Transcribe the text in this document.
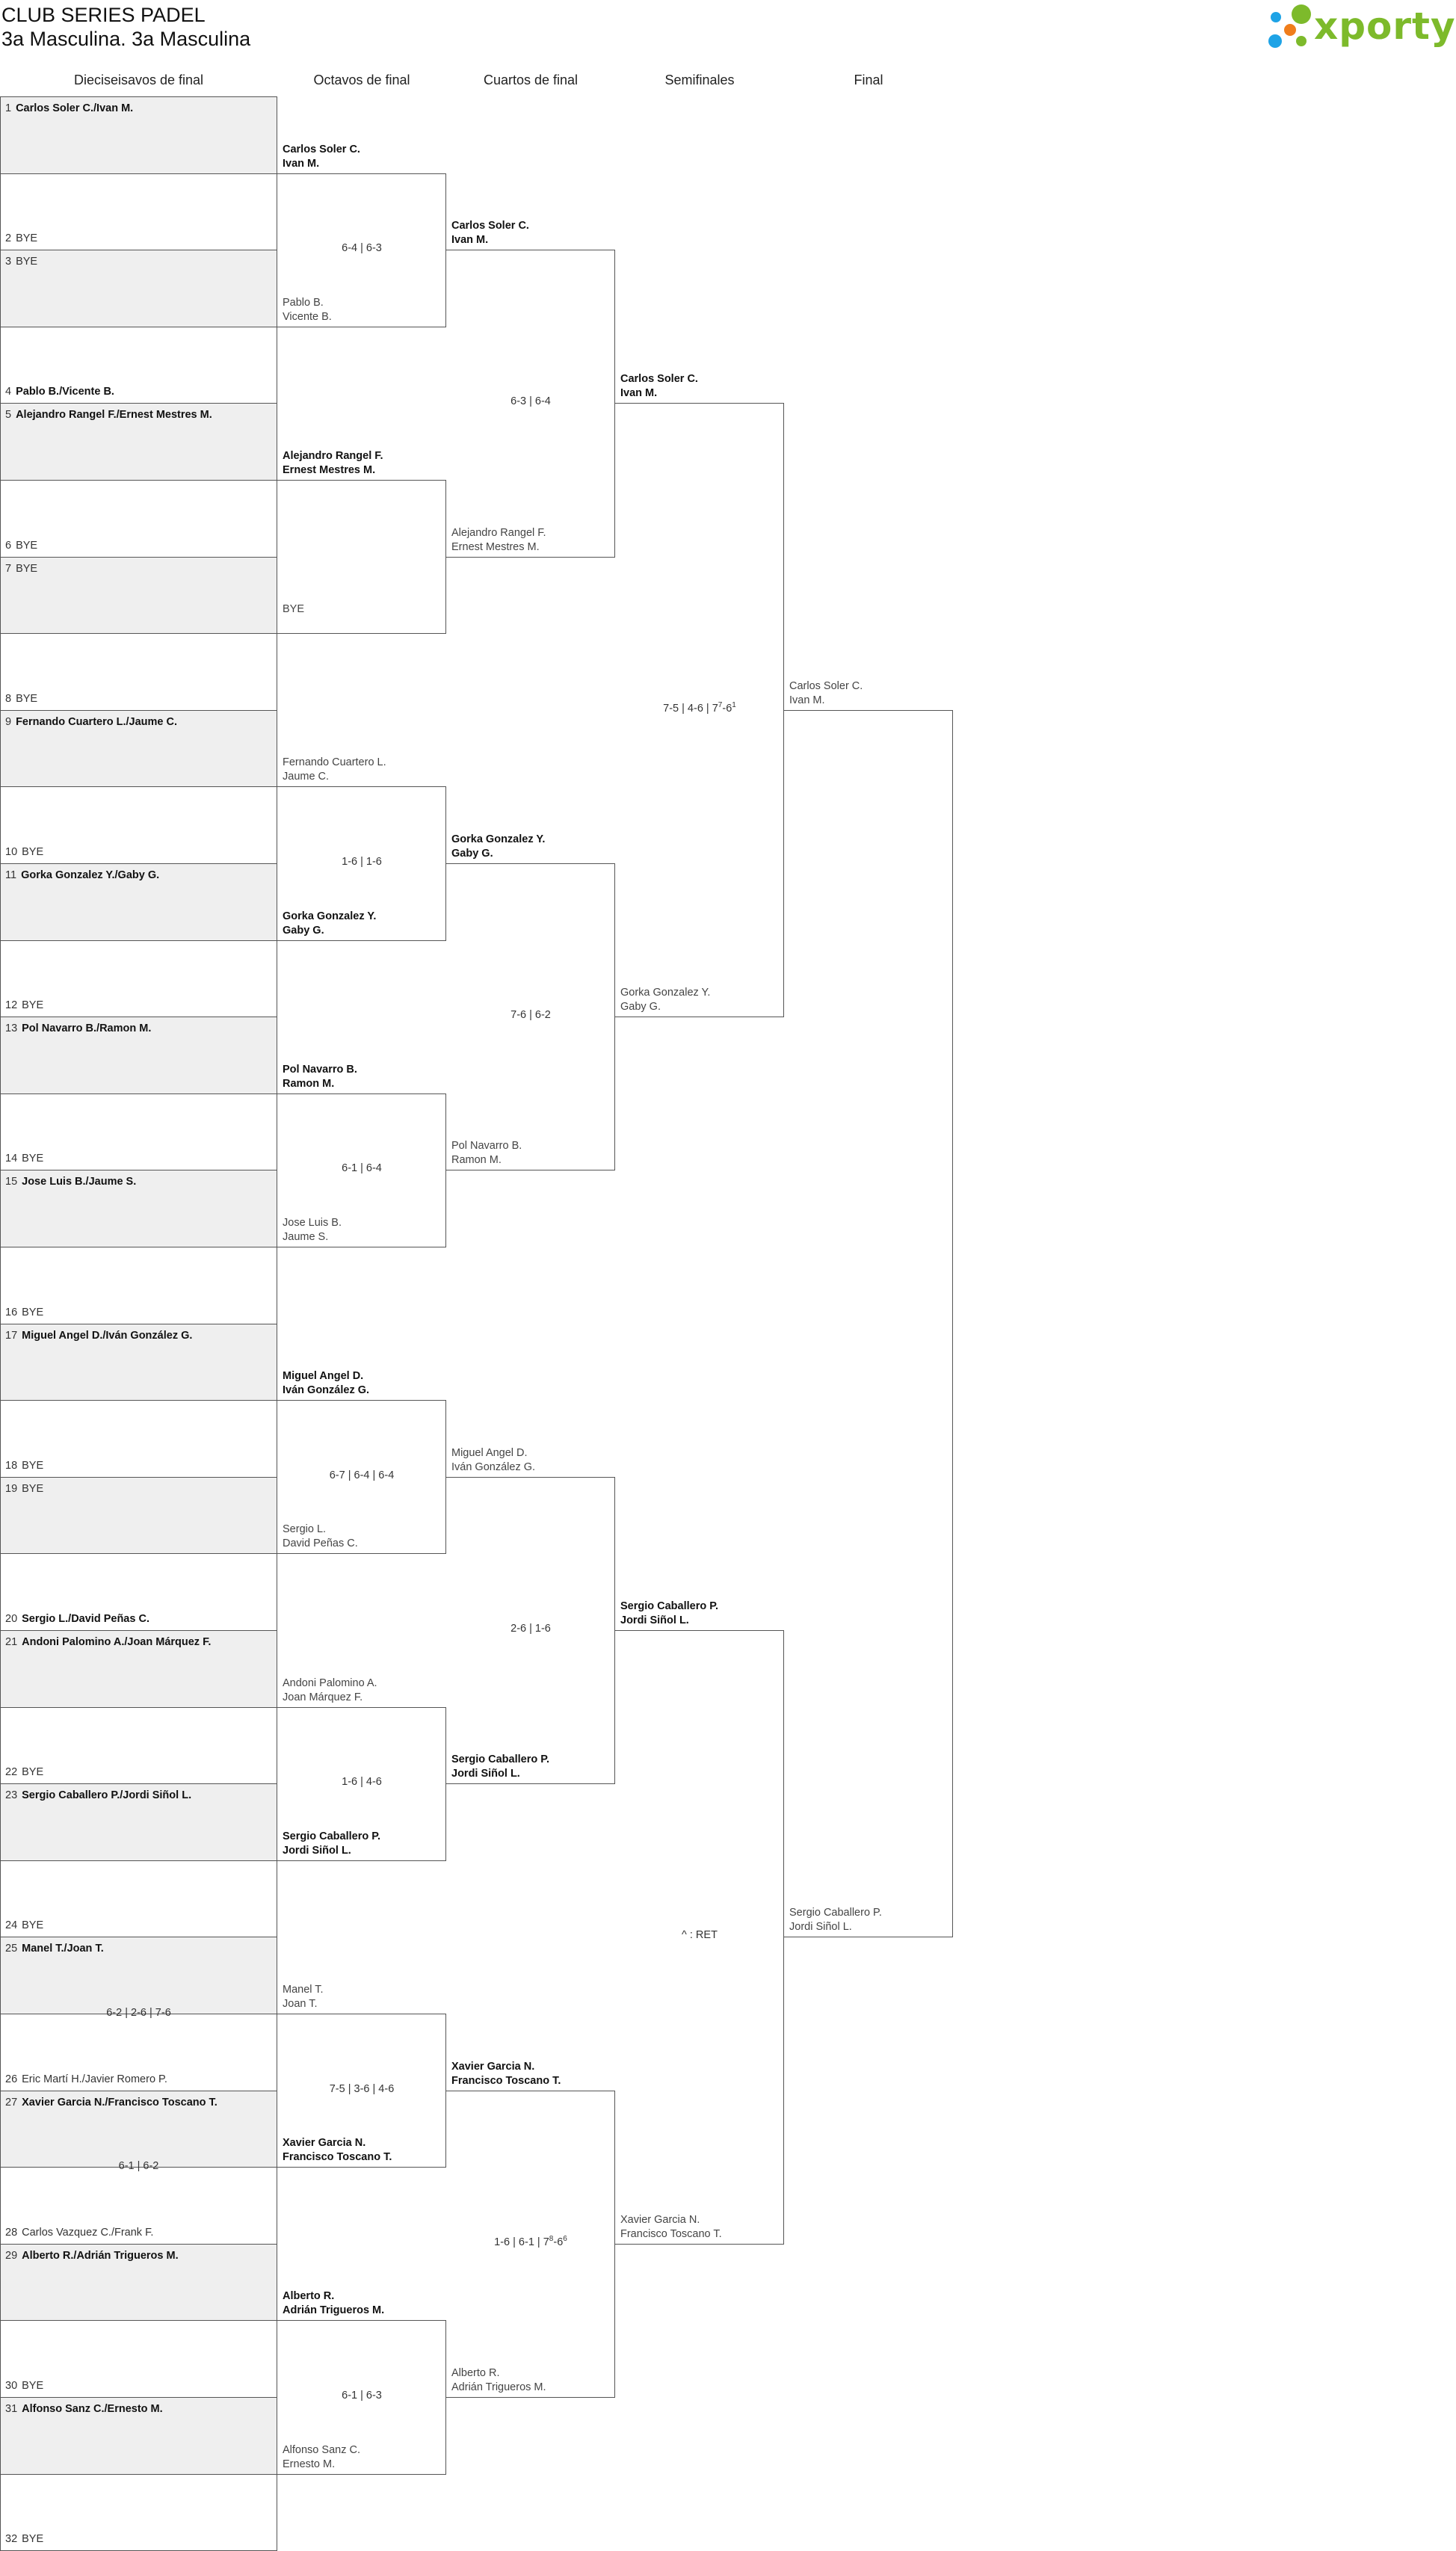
CLUB SERIES PADEL
3a Masculina. 3a Masculina	xporty
Dieciseisavos de final	Octavos de final	Cuartos de final	Semifinales	Final
1 Carlos Soler C./Ivan M.
2 BYE
3 BYE
4 Pablo B./Vicente B.
5 Alejandro Rangel F./Ernest Mestres M.
6 BYE
7 BYE
8 BYE
9 Fernando Cuartero L./Jaume C.
10 BYE
11 Gorka Gonzalez Y./Gaby G.
12 BYE
13 Pol Navarro B./Ramon M.
14 BYE
15 Jose Luis B./Jaume S.
16 BYE
17 Miguel Angel D./Iván González G.
18 BYE
19 BYE
20 Sergio L./David Peñas C.
21 Andoni Palomino A./Joan Márquez F.
22 BYE
23 Sergio Caballero P./Jordi Siñol L.
24 BYE
25 Manel T./Joan T.
26 Eric Martí H./Javier Romero P.
6-2 | 2-6 | 7-6
27 Xavier Garcia N./Francisco Toscano T.
28 Carlos Vazquez C./Frank F.
6-1 | 6-2
29 Alberto R./Adrián Trigueros M.
30 BYE
31 Alfonso Sanz C./Ernesto M.
32 BYE
Carlos Soler C.
Ivan M.
Pablo B.
Vicente B.
6-4 | 6-3
Alejandro Rangel F.
Ernest Mestres M.
BYE

Fernando Cuartero L.
Jaume C.
Gorka Gonzalez Y.
Gaby G.
1-6 | 1-6
Pol Navarro B.
Ramon M.
Jose Luis B.
Jaume S.
6-1 | 6-4
Miguel Angel D.
Iván González G.
Sergio L.
David Peñas C.
6-7 | 6-4 | 6-4
Andoni Palomino A.
Joan Márquez F.
Sergio Caballero P.
Jordi Siñol L.
1-6 | 4-6
Manel T.
Joan T.
Xavier Garcia N.
Francisco Toscano T.
7-5 | 3-6 | 4-6
Alberto R.
Adrián Trigueros M.
Alfonso Sanz C.
Ernesto M.
6-1 | 6-3
Carlos Soler C.
Ivan M.
Alejandro Rangel F.
Ernest Mestres M.
6-3 | 6-4
Gorka Gonzalez Y.
Gaby G.
Pol Navarro B.
Ramon M.
7-6 | 6-2
Miguel Angel D.
Iván González G.
Sergio Caballero P.
Jordi Siñol L.
2-6 | 1-6
Xavier Garcia N.
Francisco Toscano T.
Alberto R.
Adrián Trigueros M.
1-6 | 6-1 | $7^8-6^6$
Carlos Soler C.
Ivan M.
Gorka Gonzalez Y.
Gaby G.
7-5 | 4-6 | $7^7-6^1$
Sergio Caballero P.
Jordi Siñol L.
Xavier Garcia N.
Francisco Toscano T.
^ : RET
Carlos Soler C.
Ivan M.
Sergio Caballero P.
Jordi Siñol L.
